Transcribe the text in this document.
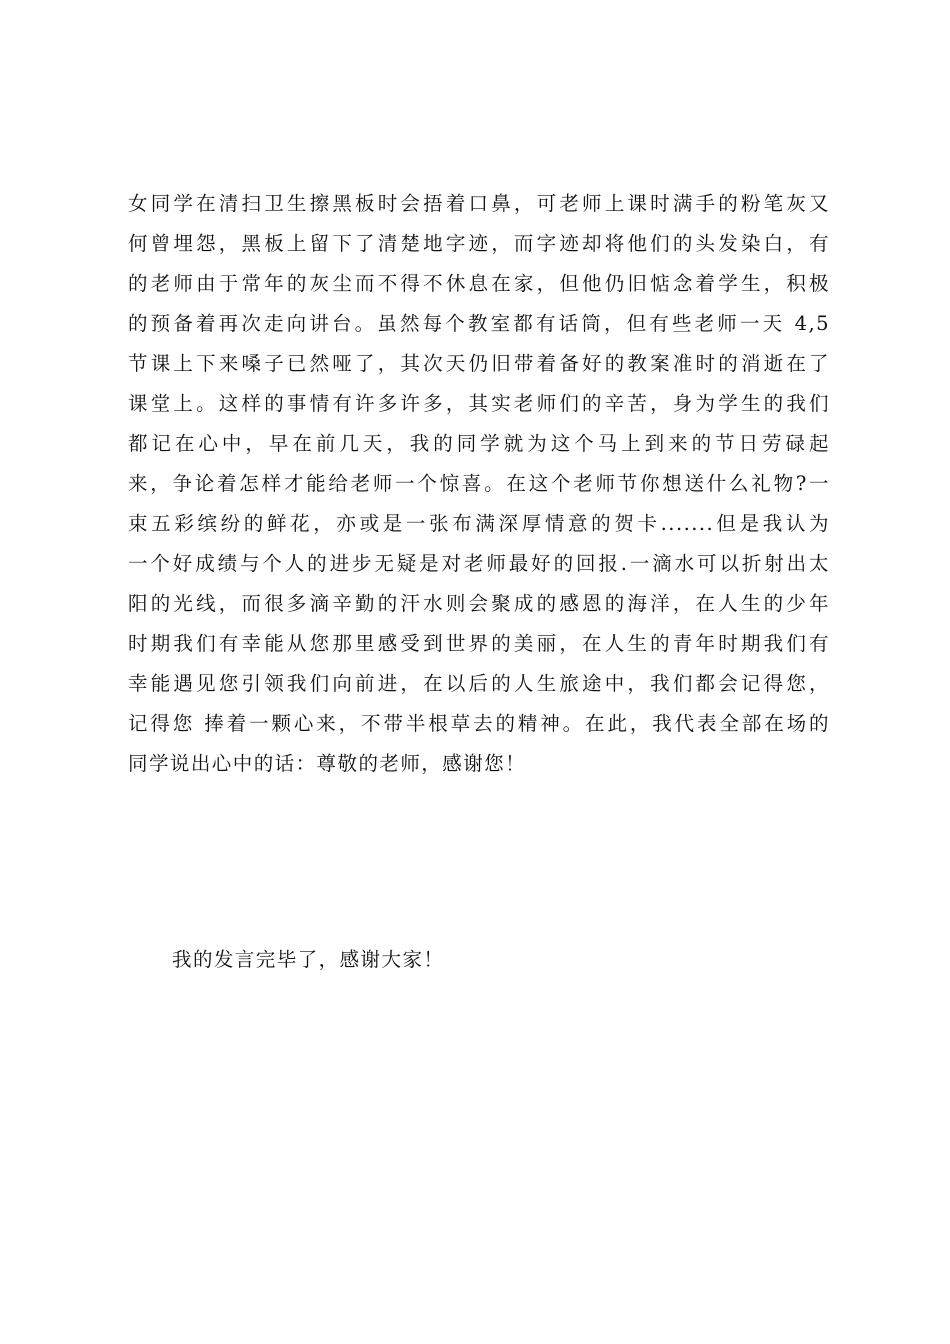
女同学在清扫卫生擦黑板时会捂着口鼻，可老师上课时满手的粉笔灰又
何曾埋怨，黑板上留下了清楚地字迹，而字迹却将他们的头发染白，有
的老师由于常年的灰尘而不得不休息在家，但他仍旧惦念着学生，积极
的预备着再次走向讲台。虽然每个教室都有话筒，但有些老师一天 4,5
节课上下来嗓子已然哑了，其次天仍旧带着备好的教案准时的消逝在了
课堂上。这样的事情有许多许多，其实老师们的辛苦，身为学生的我们
都记在心中，早在前几天，我的同学就为这个马上到来的节日劳碌起
来，争论着怎样才能给老师一个惊喜。在这个老师节你想送什么礼物?一
束五彩缤纷的鲜花，亦或是一张布满深厚情意的贺卡.......但是我认为
一个好成绩与个人的进步无疑是对老师最好的回报.一滴水可以折射出太
阳的光线，而很多滴辛勤的汗水则会聚成的感恩的海洋，在人生的少年
时期我们有幸能从您那里感受到世界的美丽，在人生的青年时期我们有
幸能遇见您引领我们向前进，在以后的人生旅途中，我们都会记得您，
记得您 捧着一颗心来，不带半根草去的精神。在此，我代表全部在场的
同学说出心中的话：尊敬的老师，感谢您！
我的发言完毕了，感谢大家！
